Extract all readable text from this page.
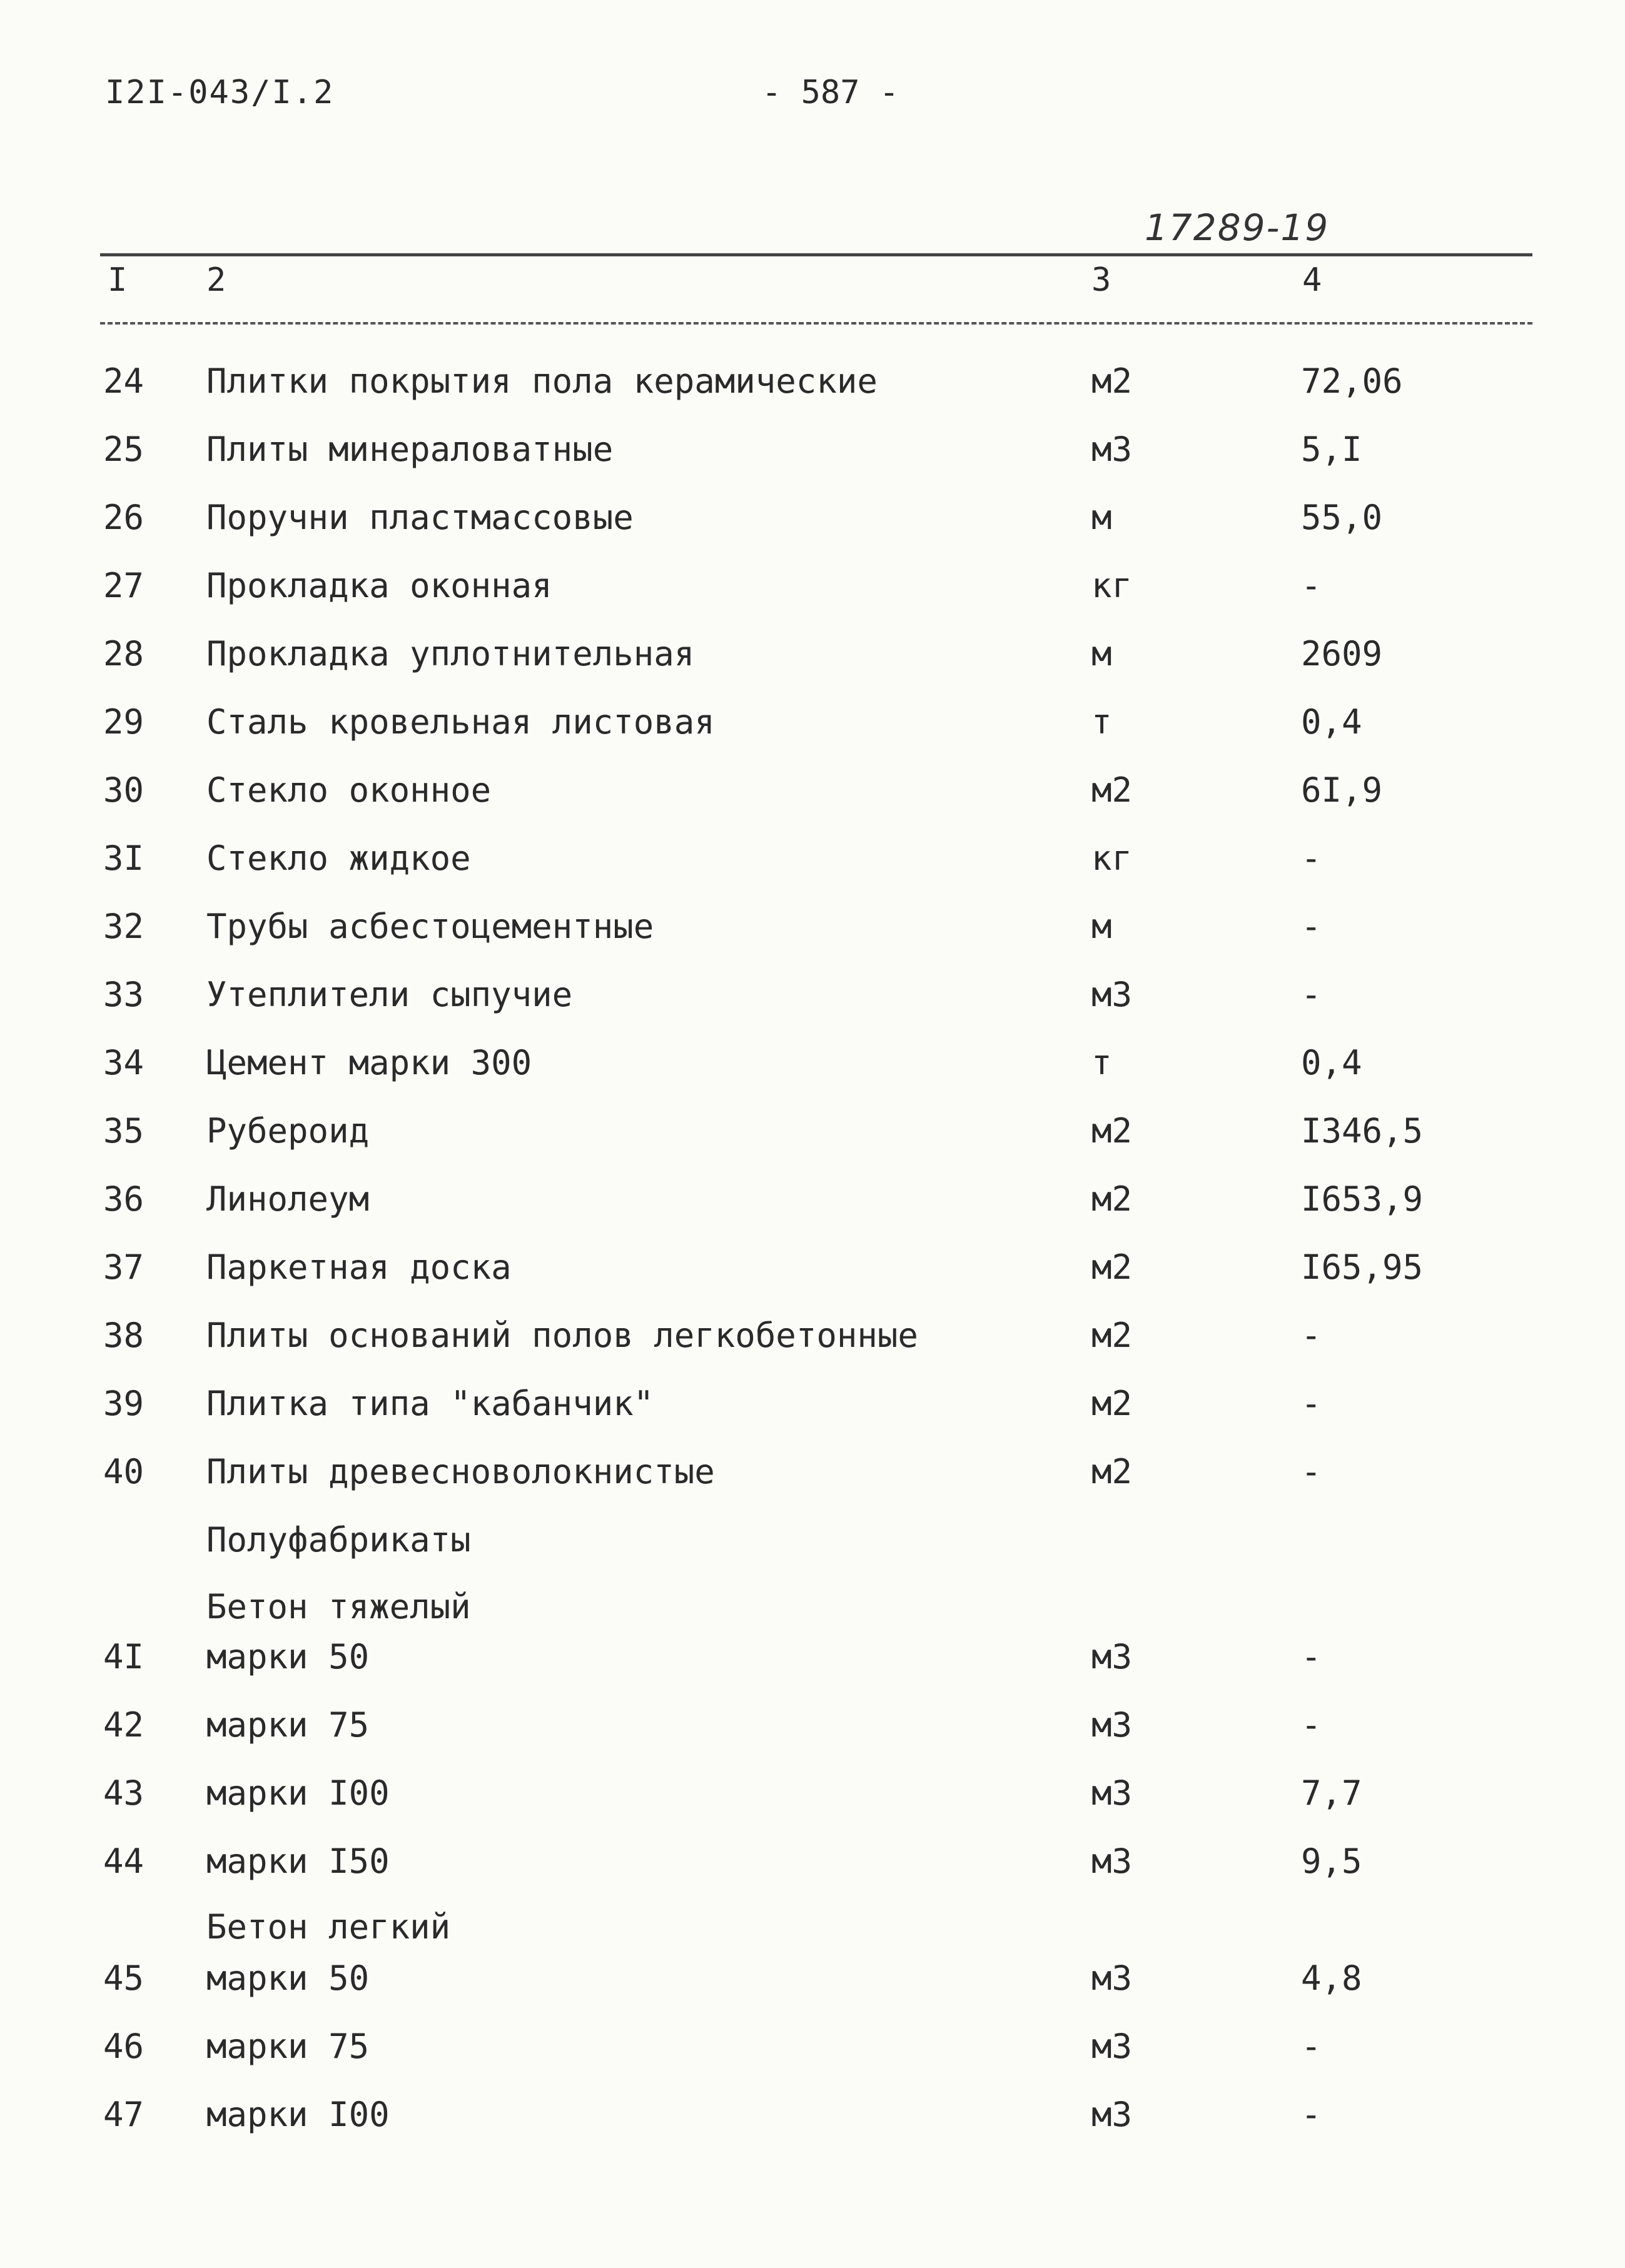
I2I-043/I.2	- 587 -
17289-19
I 2	3	4
24 Плитки покрытия пола керамические	м2	72,06
25 Плиты минераловатные	м3	5,I
26 Поручни пластмассовые	м	55,0
27 Прокладка оконная	кг	-
28 Прокладка уплотнительная	м	2609
29 Сталь кровельная листовая	т	0,4
30 Стекло оконное	м2	6I,9
3I Стекло жидкое	кг	-
32 Трубы асбестоцементные	м	-
33 Утеплители сыпучие	м3	-
34 Цемент марки 300	т	0,4
35 Рубероид	м2	I346,5
36 Линолеум	м2	I653,9
37 Паркетная доска	м2	I65,95
38 Плиты оснований полов легкобетонные	м2	-
39 Плитка типа "кабанчик"	м2	-
40 Плиты древесноволокнистые	м2	-
Полуфабрикаты
Бетон тяжелый
4I марки 50	м3	-
42 марки 75	м3	-
43 марки I00	м3	7,7
44 марки I50	м3	9,5
Бетон легкий
45 марки 50	м3	4,8
46 марки 75	м3	-
47 марки I00	м3	-
